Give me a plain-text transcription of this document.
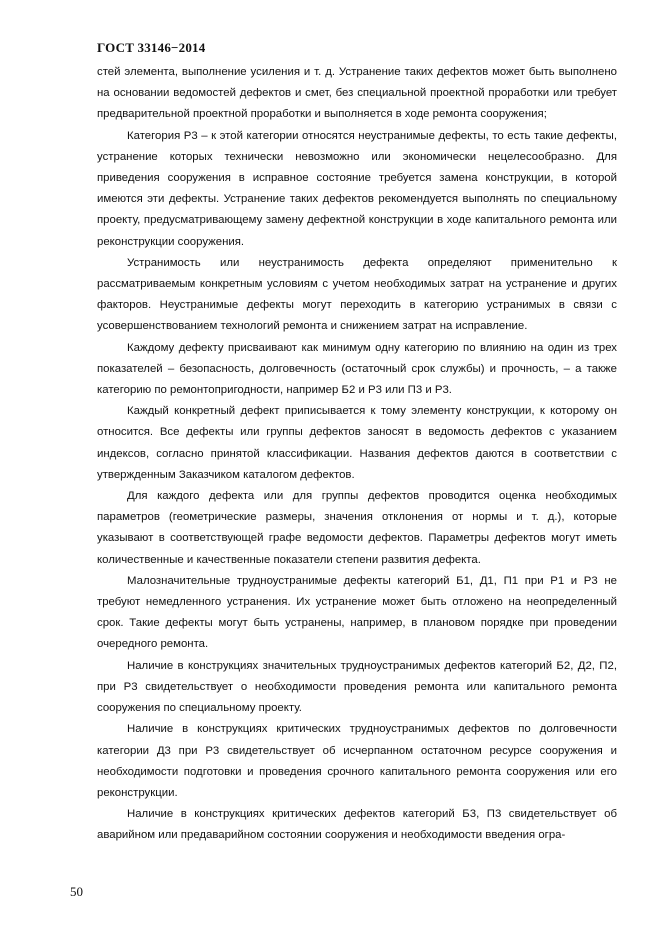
ГОСТ 33146−2014

стей элемента, выполнение усиления и т. д. Устранение таких дефектов может быть выполнено на основании ведомостей дефектов и смет, без специальной проектной проработки или требует предварительной проектной проработки и выполняется в ходе ремонта сооружения;

Категория Р3 – к этой категории относятся неустранимые дефекты, то есть такие дефекты, устранение которых технически невозможно или экономически нецелесообразно. Для приведения сооружения в исправное состояние требуется замена конструкции, в которой имеются эти дефекты. Устранение таких дефектов рекомендуется выполнять по специальному проекту, предусматривающему замену дефектной конструкции в ходе капитального ремонта или реконструкции сооружения.

Устранимость или неустранимость дефекта определяют применительно к рассматриваемым конкретным условиям с учетом необходимых затрат на устранение и других факторов. Неустранимые дефекты могут переходить в категорию устранимых в связи с усовершенствованием технологий ремонта и снижением затрат на исправление.

Каждому дефекту присваивают как минимум одну категорию по влиянию на один из трех показателей – безопасность, долговечность (остаточный срок службы) и прочность, – а также категорию по ремонтопригодности, например Б2 и Р3 или П3 и Р3.

Каждый конкретный дефект приписывается к тому элементу конструкции, к которому он относится. Все дефекты или группы дефектов заносят в ведомость дефектов с указанием индексов, согласно принятой классификации. Названия дефектов даются в соответствии с утвержденным Заказчиком каталогом дефектов.

Для каждого дефекта или для группы дефектов проводится оценка необходимых параметров (геометрические размеры, значения отклонения от нормы и т. д.), которые указывают в соответствующей графе ведомости дефектов. Параметры дефектов могут иметь количественные и качественные показатели степени развития дефекта.

Малозначительные трудноустранимые дефекты категорий Б1, Д1, П1 при Р1 и Р3 не требуют немедленного устранения. Их устранение может быть отложено на неопределенный срок. Такие дефекты могут быть устранены, например, в плановом порядке при проведении очередного ремонта.

Наличие в конструкциях значительных трудноустранимых дефектов категорий Б2, Д2, П2, при Р3 свидетельствует о необходимости проведения ремонта или капитального ремонта сооружения по специальному проекту.

Наличие в конструкциях критических трудноустранимых дефектов по долговечности категории Д3 при Р3 свидетельствует об исчерпанном остаточном ресурсе сооружения и необходимости подготовки и проведения срочного капитального ремонта сооружения или его реконструкции.

Наличие в конструкциях критических дефектов категорий Б3, П3 свидетельствует об аварийном или предаварийном состоянии сооружения и необходимости введения огра-

50
